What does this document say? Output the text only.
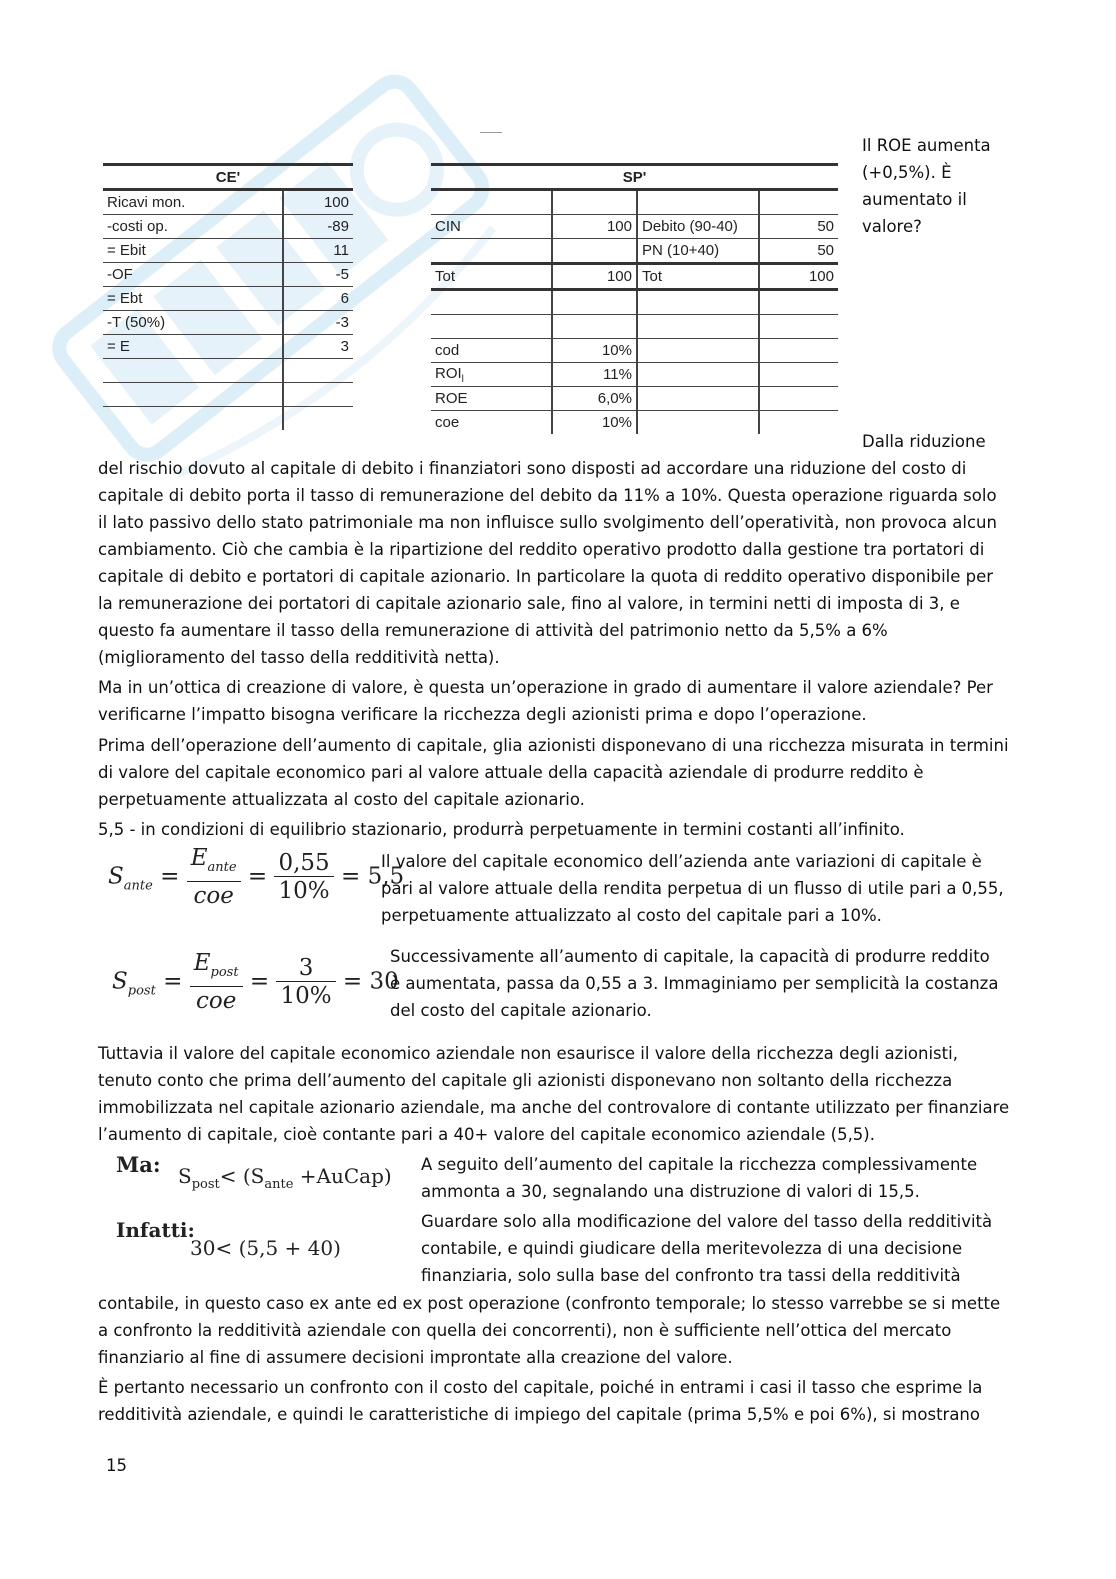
CE'	
Ricavi mon.	100
-costi op.	-89
= Ebit	11
-OF	-5
= Ebt	6
-T (50%)	-3
= E	3

SP'			

CIN	100	Debito (90-40)	50
		PN (10+40)	50
Tot	100	Tot	100

cod	10%		
$ROI_l$	11%		
ROE	6,0%		
coe	10%		
Il ROE aumenta (+0,5%). È aumentato il valore?
Dalla riduzione
del rischio dovuto al capitale di debito i finanziatori sono disposti ad accordare una riduzione del costo di capitale di debito porta il tasso di remunerazione del debito da 11% a 10%. Questa operazione riguarda solo il lato passivo dello stato patrimoniale ma non influisce sullo svolgimento dell’operatività, non provoca alcun cambiamento. Ciò che cambia è la ripartizione del reddito operativo prodotto dalla gestione tra portatori di capitale di debito e portatori di capitale azionario. In particolare la quota di reddito operativo disponibile per la remunerazione dei portatori di capitale azionario sale, fino al valore, in termini netti di imposta di 3, e questo fa aumentare il tasso della remunerazione di attività del patrimonio netto da 5,5% a 6% (miglioramento del tasso della redditività netta).
Ma in un’ottica di creazione di valore, è questa un’operazione in grado di aumentare il valore aziendale? Per verificarne l’impatto bisogna verificare la ricchezza degli azionisti prima e dopo l’operazione.
Prima dell’operazione dell’aumento di capitale, glia azionisti disponevano di una ricchezza misurata in termini di valore del capitale economico pari al valore attuale della capacità aziendale di produrre reddito è perpetuamente attualizzata al costo del capitale azionario.
5,5 - in condizioni di equilibrio stazionario, produrrà perpetuamente in termini costanti all’infinito.
$S_{ante} = \frac{E_{ante}}{\text{coe}} = \frac{0,55}{10\%} = 5,5$
Il valore del capitale economico dell’azienda ante variazioni di capitale è pari al valore attuale della rendita perpetua di un flusso di utile pari a 0,55, perpetuamente attualizzato al costo del capitale pari a 10%.
$S_{post} = \frac{E_{post}}{\text{coe}} = \frac{3}{10\%} = 30$
Successivamente all’aumento di capitale, la capacità di produrre reddito è aumentata, passa da 0,55 a 3. Immaginiamo per semplicità la costanza del costo del capitale azionario.
Tuttavia il valore del capitale economico aziendale non esaurisce il valore della ricchezza degli azionisti, tenuto conto che prima dell’aumento del capitale gli azionisti disponevano non soltanto della ricchezza immobilizzata nel capitale azionario aziendale, ma anche del controvalore di contante utilizzato per finanziare l’aumento di capitale, cioè contante pari a 40+ valore del capitale economico aziendale (5,5).
Ma: $S_{post}< (S_{ante}$ +AuCap)
Infatti:
30< (5,5 + 40)
A seguito dell’aumento del capitale la ricchezza complessivamente ammonta a 30, segnalando una distruzione di valori di 15,5.
Guardare solo alla modificazione del valore del tasso della redditività contabile, e quindi giudicare della meritevolezza di una decisione finanziaria, solo sulla base del confronto tra tassi della redditività
contabile, in questo caso ex ante ed ex post operazione (confronto temporale; lo stesso varrebbe se si mette a confronto la redditività aziendale con quella dei concorrenti), non è sufficiente nell’ottica del mercato finanziario al fine di assumere decisioni improntate alla creazione del valore.
È pertanto necessario un confronto con il costo del capitale, poiché in entrami i casi il tasso che esprime la redditività aziendale, e quindi le caratteristiche di impiego del capitale (prima 5,5% e poi 6%), si mostrano
15
